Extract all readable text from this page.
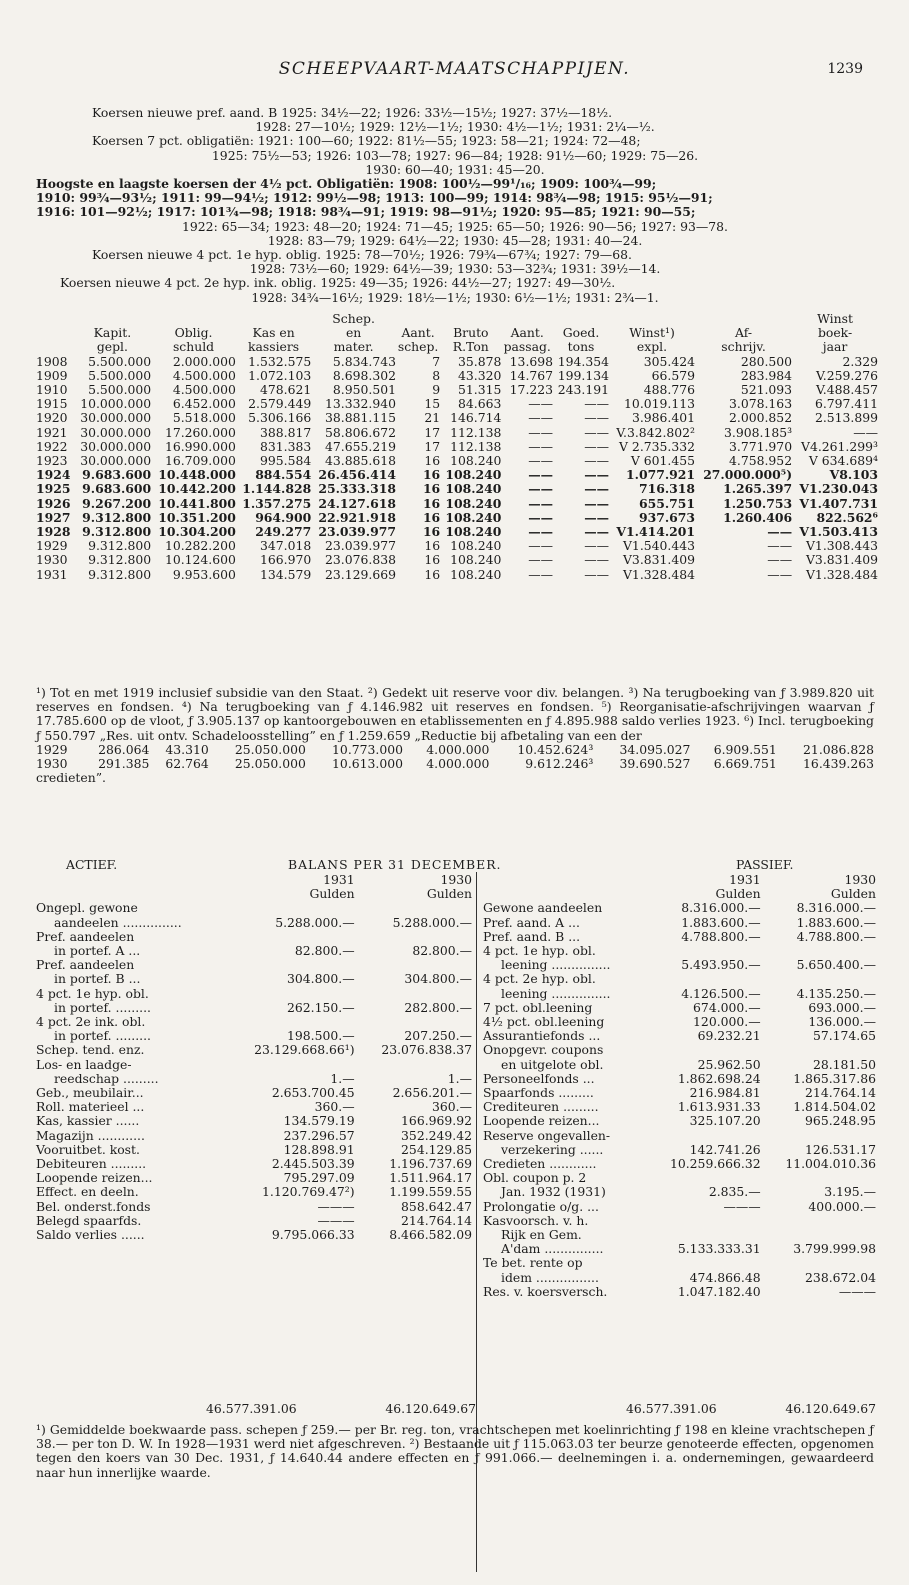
SCHEEPVAART-MAATSCHAPPIJEN.	1239
Koersen nieuwe pref. aand. B 1925: 34½—22; 1926: 33½—15½; 1927: 37½—18½.
1928: 27—10½; 1929: 12½—1½; 1930: 4½—1½; 1931: 2¼—½.
Koersen 7 pct. obligatiën: 1921: 100—60; 1922: 81½—55; 1923: 58—21; 1924: 72—48;
1925: 75½—53; 1926: 103—78; 1927: 96—84; 1928: 91½—60; 1929: 75—26.
1930: 60—40; 1931: 45—20.
Hoogste en laagste koersen der 4½ pct. Obligatiën: 1908: 100½—99¹/₁₆; 1909: 100¾—99;
1910: 99¾—93½; 1911: 99—94½; 1912: 99½—98; 1913: 100—99; 1914: 98¾—98; 1915: 95½—91;
1916: 101—92½; 1917: 101¾—98; 1918: 98¾—91; 1919: 98—91½; 1920: 95—85; 1921: 90—55;
1922: 65—34; 1923: 48—20; 1924: 71—45; 1925: 65—50; 1926: 90—56; 1927: 93—78.
1928: 83—79; 1929: 64½—22; 1930: 45—28; 1931: 40—24.
Koersen nieuwe 4 pct. 1e hyp. oblig. 1925: 78—70½; 1926: 79¾—67¾; 1927: 79—68.
1928: 73½—60; 1929: 64½—39; 1930: 53—32¾; 1931: 39½—14.
Koersen nieuwe 4 pct. 2e hyp. ink. oblig. 1925: 49—35; 1926: 44½—27; 1927: 49—30½.
1928: 34¾—16½; 1929: 18½—1½; 1930: 6½—1½; 1931: 2¾—1.
				Schep.							Winst
	Kapit.	Oblig.	Kas en	en	Aant.	Bruto	Aant.	Goed.	Winst¹)	Af-	boek-
	gepl.	schuld	kassiers	mater.	schep.	R.Ton	passag.	tons	expl.	schrijv.	jaar
1908	5.500.000	2.000.000	1.532.575	5.834.743	7	35.878	13.698	194.354	305.424	280.500	2.329
1909	5.500.000	4.500.000	1.072.103	8.698.302	8	43.320	14.767	199.134	66.579	283.984	V.259.276
1910	5.500.000	4.500.000	478.621	8.950.501	9	51.315	17.223	243.191	488.776	521.093	V.488.457
1915	10.000.000	6.452.000	2.579.449	13.332.940	15	84.663	——	——	10.019.113	3.078.163	6.797.411
1920	30.000.000	5.518.000	5.306.166	38.881.115	21	146.714	——	——	3.986.401	2.000.852	2.513.899
1921	30.000.000	17.260.000	388.817	58.806.672	17	112.138	——	——	V.3.842.802²	3.908.185³	——
1922	30.000.000	16.990.000	831.383	47.655.219	17	112.138	——	——	V 2.735.332	3.771.970	V4.261.299³
1923	30.000.000	16.709.000	995.584	43.885.618	16	108.240	——	——	V 601.455	4.758.952	V 634.689⁴
1924	9.683.600	10.448.000	884.554	26.456.414	16	108.240	——	——	1.077.921	27.000.000⁵)	V8.103
1925	9.683.600	10.442.200	1.144.828	25.333.318	16	108.240	——	——	716.318	1.265.397	V1.230.043
1926	9.267.200	10.441.800	1.357.275	24.127.618	16	108.240	——	——	655.751	1.250.753	V1.407.731
1927	9.312.800	10.351.200	964.900	22.921.918	16	108.240	——	——	937.673	1.260.406	822.562⁶
1928	9.312.800	10.304.200	249.277	23.039.977	16	108.240	——	——	V1.414.201	——	V1.503.413
1929	9.312.800	10.282.200	347.018	23.039.977	16	108.240	——	——	V1.540.443	——	V1.308.443
1930	9.312.800	10.124.600	166.970	23.076.838	16	108.240	——	——	V3.831.409	——	V3.831.409
1931	9.312.800	9.953.600	134.579	23.129.669	16	108.240	——	——	V1.328.484	——	V1.328.484
¹) Tot en met 1919 inclusief subsidie van den Staat. ²) Gedekt uit reserve voor div. belangen. ³) Na terugboeking van ƒ 3.989.820 uit reserves en fondsen. ⁴) Na terugboeking van ƒ 4.146.982 uit reserves en fondsen. ⁵) Reorganisatie-afschrijvingen waarvan ƒ 17.785.600 op de vloot, ƒ 3.905.137 op kantoorgebouwen en etablissementen en ƒ 4.895.988 saldo verlies 1923. ⁶) Incl. terugboeking ƒ 550.797 „Res. uit ontv. Schadeloosstelling” en ƒ 1.259.659 „Reductie bij afbetaling van een der
1929	286.064	43.310	25.050.000	10.773.000	4.000.000	10.452.624³	34.095.027	6.909.551	21.086.828
1930	291.385	62.764	25.050.000	10.613.000	4.000.000	9.612.246³	39.690.527	6.669.751	16.439.263
credieten”.
ACTIEF.	BALANS PER 31 DECEMBER.	PASSIEF.
	1931	1930
	Gulden	Gulden
Ongepl. gewone		
aandeelen ...............	5.288.000.—	5.288.000.—
Pref. aandeelen		
in portef. A ...	82.800.—	82.800.—
Pref. aandeelen		
in portef. B ...	304.800.—	304.800.—
4 pct. 1e hyp. obl.		
in portef. .........	262.150.—	282.800.—
4 pct. 2e ink. obl.		
in portef. .........	198.500.—	207.250.—
Schep. tend. enz.	23.129.668.66¹)	23.076.838.37
Los- en laadge-		
reedschap .........	1.—	1.—
Geb., meubilair...	2.653.700.45	2.656.201.—
Roll. materieel ...	360.—	360.—
Kas, kassier ......	134.579.19	166.969.92
Magazijn ............	237.296.57	352.249.42
Vooruitbet. kost.	128.898.91	254.129.85
Debiteuren .........	2.445.503.39	1.196.737.69
Loopende reizen...	795.297.09	1.511.964.17
Effect. en deeln.	1.120.769.47²)	1.199.559.55
Bel. onderst.fonds	———	858.642.47
Belegd spaarfds.	———	214.764.14
Saldo verlies ......	9.795.066.33	8.466.582.09
	1931	1930
	Gulden	Gulden
Gewone aandeelen	8.316.000.—	8.316.000.—
Pref. aand. A ...	1.883.600.—	1.883.600.—
Pref. aand. B ...	4.788.800.—	4.788.800.—
4 pct. 1e hyp. obl.		
leening ...............	5.493.950.—	5.650.400.—
4 pct. 2e hyp. obl.		
leening ...............	4.126.500.—	4.135.250.—
7 pct. obl.leening	674.000.—	693.000.—
4½ pct. obl.leening	120.000.—	136.000.—
Assurantiefonds ...	69.232.21	57.174.65
Onopgevr. coupons		
en uitgelote obl.	25.962.50	28.181.50
Personeelfonds ...	1.862.698.24	1.865.317.86
Spaarfonds .........	216.984.81	214.764.14
Crediteuren .........	1.613.931.33	1.814.504.02
Loopende reizen...	325.107.20	965.248.95
Reserve ongevallen-		
verzekering ......	142.741.26	126.531.17
Credieten ............	10.259.666.32	11.004.010.36
Obl. coupon p. 2		
Jan. 1932 (1931)	2.835.—	3.195.—
Prolongatie o/g. ...	———	400.000.—
Kasvoorsch. v. h.		
Rijk en Gem.		
A'dam ...............	5.133.333.31	3.799.999.98
Te bet. rente op		
idem ................	474.866.48	238.672.04
Res. v. koersversch.	1.047.182.40	———
46.577.391.06	46.120.649.67	46.577.391.06	46.120.649.67
¹) Gemiddelde boekwaarde pass. schepen ƒ 259.— per Br. reg. ton, vrachtschepen met koelinrichting ƒ 198 en kleine vrachtschepen ƒ 38.— per ton D. W. In 1928—1931 werd niet afgeschreven. ²) Bestaande uit ƒ 115.063.03 ter beurze genoteerde effecten, opgenomen tegen den koers van 30 Dec. 1931, ƒ 14.640.44 andere effecten en ƒ 991.066.— deelnemingen i. a. ondernemingen, gewaardeerd naar hun innerlijke waarde.
